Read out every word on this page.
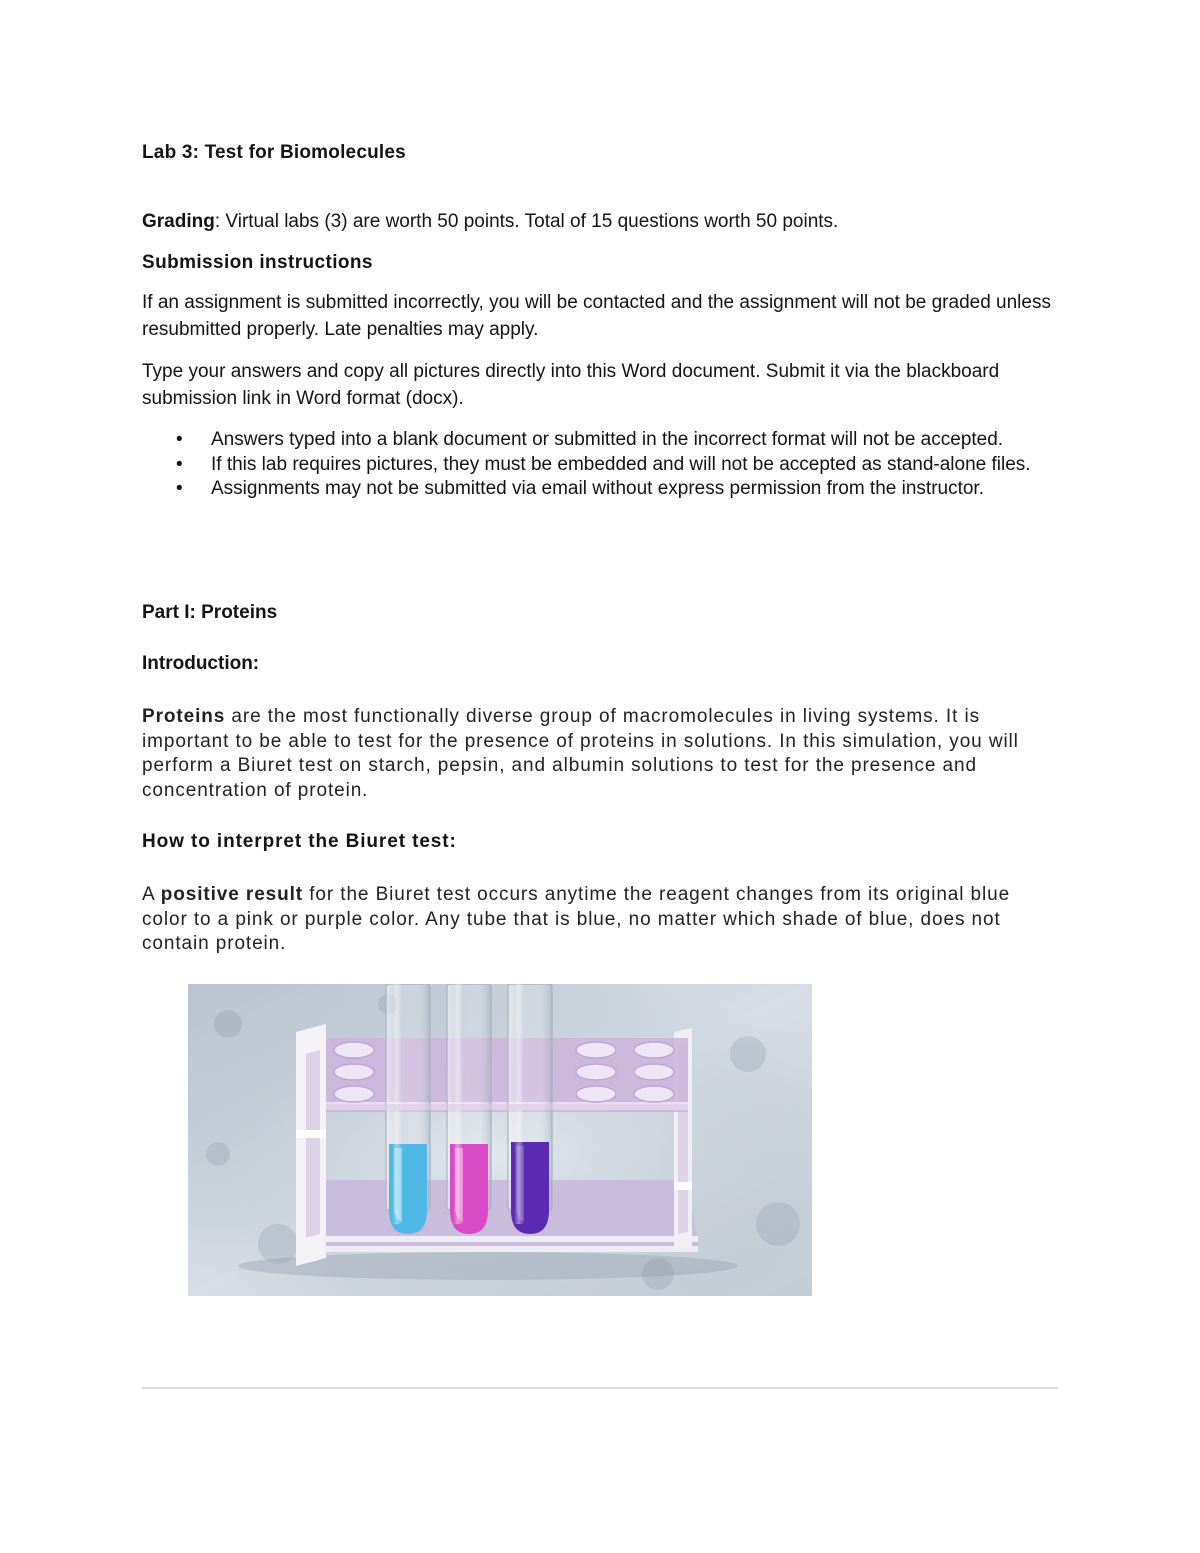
Lab 3: Test for Biomolecules

Grading: Virtual labs (3) are worth 50 points. Total of 15 questions worth 50 points.

Submission instructions

If an assignment is submitted incorrectly, you will be contacted and the assignment will not be graded unless resubmitted properly. Late penalties may apply.

Type your answers and copy all pictures directly into this Word document. Submit it via the blackboard submission link in Word format (docx).

• Answers typed into a blank document or submitted in the incorrect format will not be accepted.
• If this lab requires pictures, they must be embedded and will not be accepted as stand-alone files.
• Assignments may not be submitted via email without express permission from the instructor.

Part I: Proteins

Introduction:

Proteins are the most functionally diverse group of macromolecules in living systems. It is important to be able to test for the presence of proteins in solutions. In this simulation, you will perform a Biuret test on starch, pepsin, and albumin solutions to test for the presence and concentration of protein.

How to interpret the Biuret test:

A positive result for the Biuret test occurs anytime the reagent changes from its original blue color to a pink or purple color. Any tube that is blue, no matter which shade of blue, does not contain protein.
